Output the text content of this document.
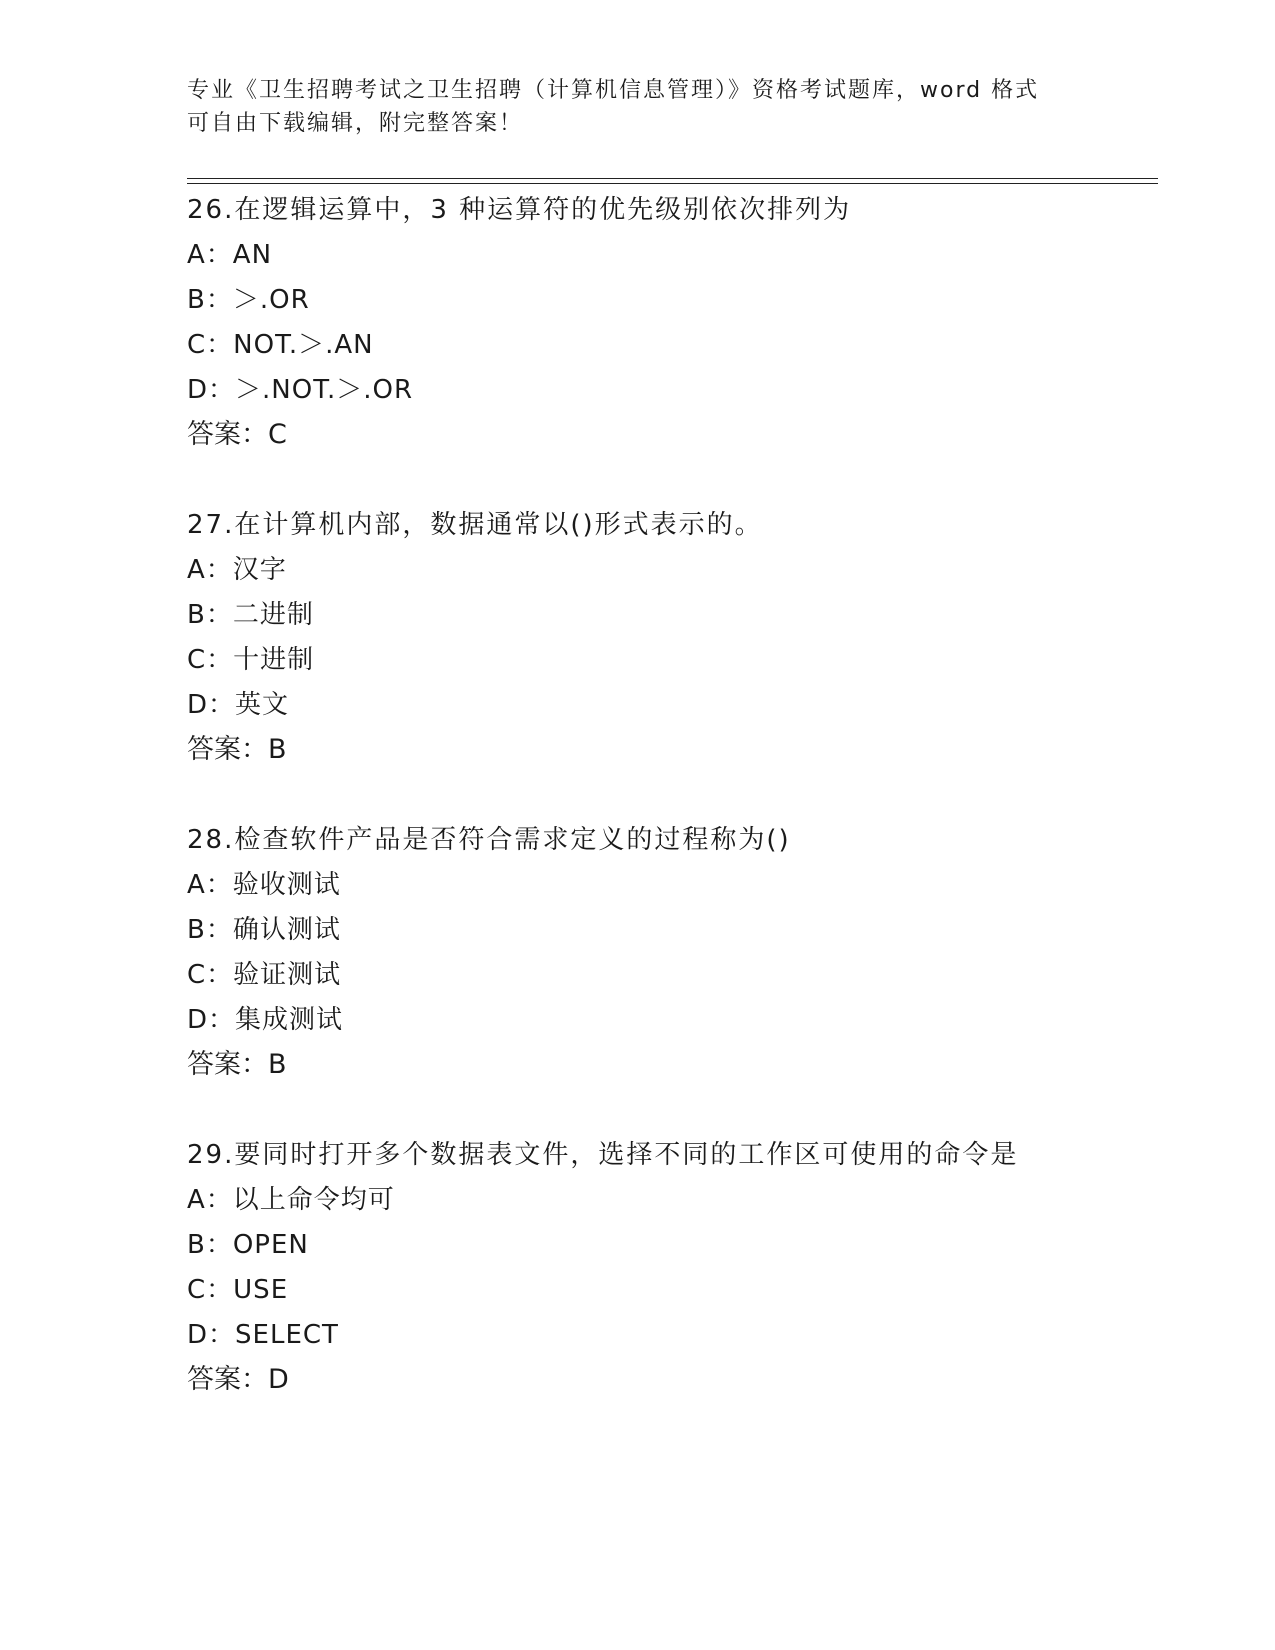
专业《卫生招聘考试之卫生招聘（计算机信息管理）》资格考试题库，word 格式
可自由下载编辑，附完整答案！
26.在逻辑运算中，3 种运算符的优先级别依次排列为
A：AN
B：＞.OR
C：NOT.＞.AN
D：＞.NOT.＞.OR
答案：C
27.在计算机内部，数据通常以()形式表示的。
A：汉字
B：二进制
C：十进制
D：英文
答案：B
28.检查软件产品是否符合需求定义的过程称为()
A：验收测试
B：确认测试
C：验证测试
D：集成测试
答案：B
29.要同时打开多个数据表文件，选择不同的工作区可使用的命令是
A：以上命令均可
B：OPEN
C：USE
D：SELECT
答案：D
